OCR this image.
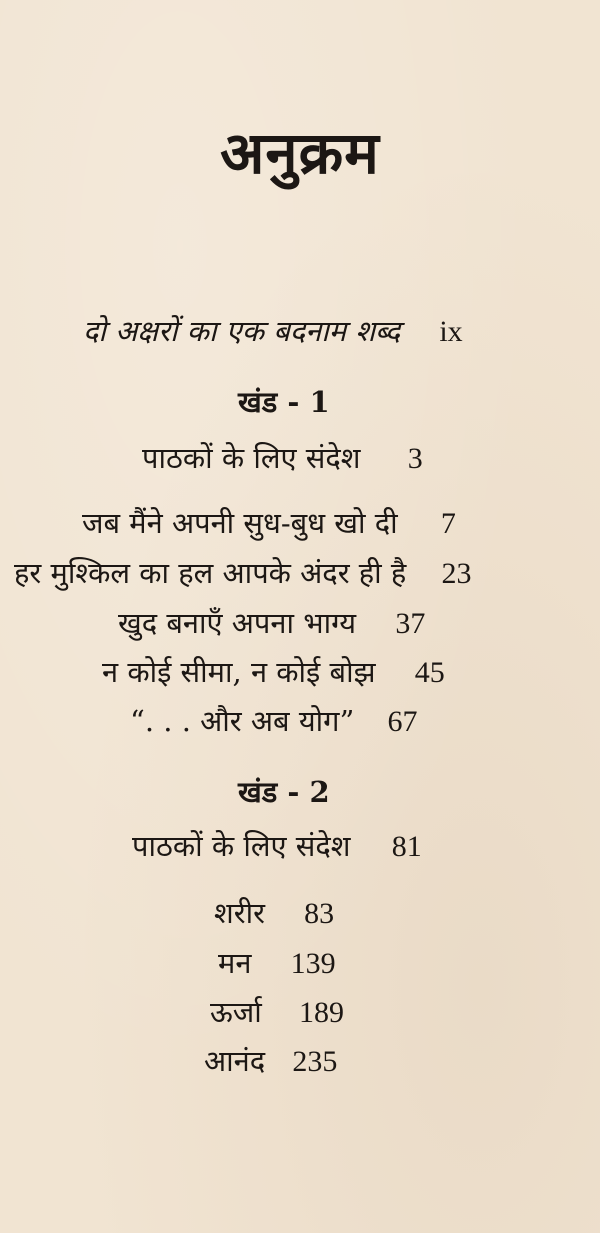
अनुक्रम
दो अक्षरों का एक बदनाम शब्द ix
खंड - 1
पाठकों के लिए संदेश 3
जब मैंने अपनी सुध-बुध खो दी 7
हर मुश्किल का हल आपके अंदर ही है 23
खुद बनाएँ अपना भाग्य 37
न कोई सीमा, न कोई बोझ 45
“. . . और अब योग” 67
खंड - 2
पाठकों के लिए संदेश 81
शरीर 83
मन 139
ऊर्जा 189
आनंद 235
